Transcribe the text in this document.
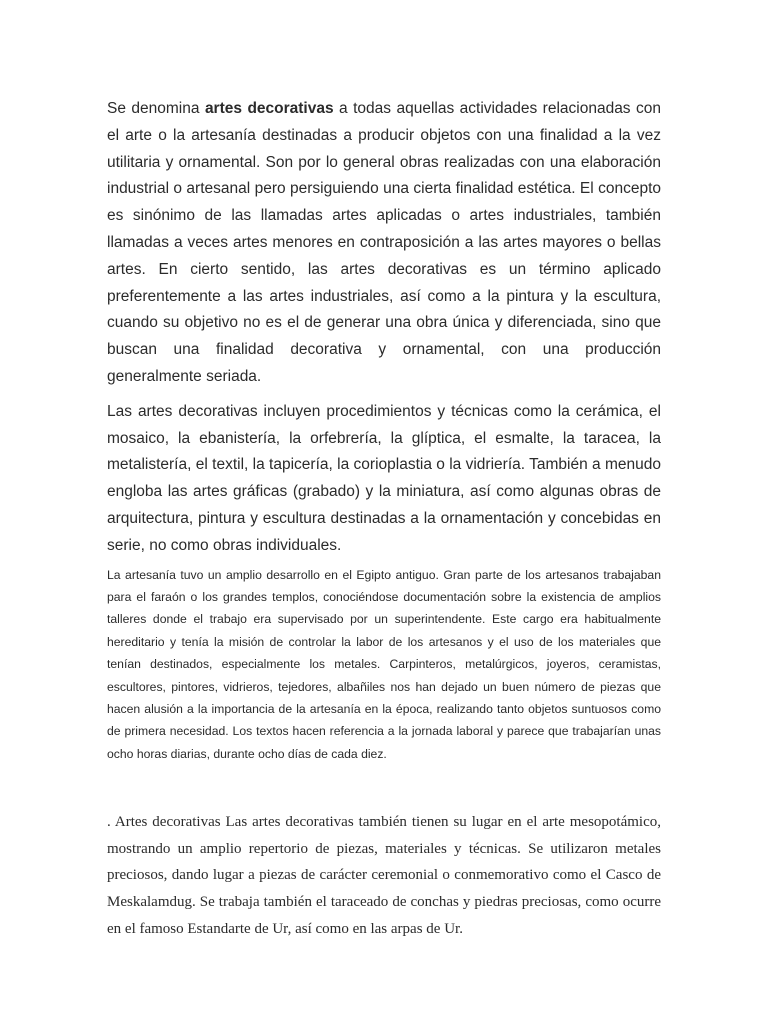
Se denomina artes decorativas a todas aquellas actividades relacionadas con el arte o la artesanía destinadas a producir objetos con una finalidad a la vez utilitaria y ornamental. Son por lo general obras realizadas con una elaboración industrial o artesanal pero persiguiendo una cierta finalidad estética. El concepto es sinónimo de las llamadas artes aplicadas o artes industriales, también llamadas a veces artes menores en contraposición a las artes mayores o bellas artes. En cierto sentido, las artes decorativas es un término aplicado preferentemente a las artes industriales, así como a la pintura y la escultura, cuando su objetivo no es el de generar una obra única y diferenciada, sino que buscan una finalidad decorativa y ornamental, con una producción generalmente seriada.

Las artes decorativas incluyen procedimientos y técnicas como la cerámica, el mosaico, la ebanistería, la orfebrería, la glíptica, el esmalte, la taracea, la metalistería, el textil, la tapicería, la corioplastia o la vidriería. También a menudo engloba las artes gráficas (grabado) y la miniatura, así como algunas obras de arquitectura, pintura y escultura destinadas a la ornamentación y concebidas en serie, no como obras individuales.

La artesanía tuvo un amplio desarrollo en el Egipto antiguo. Gran parte de los artesanos trabajaban para el faraón o los grandes templos, conociéndose documentación sobre la existencia de amplios talleres donde el trabajo era supervisado por un superintendente. Este cargo era habitualmente hereditario y tenía la misión de controlar la labor de los artesanos y el uso de los materiales que tenían destinados, especialmente los metales. Carpinteros, metalúrgicos, joyeros, ceramistas, escultores, pintores, vidrieros, tejedores, albañiles nos han dejado un buen número de piezas que hacen alusión a la importancia de la artesanía en la época, realizando tanto objetos suntuosos como de primera necesidad. Los textos hacen referencia a la jornada laboral y parece que trabajarían unas ocho horas diarias, durante ocho días de cada diez.

. Artes decorativas Las artes decorativas también tienen su lugar en el arte mesopotámico, mostrando un amplio repertorio de piezas, materiales y técnicas. Se utilizaron metales preciosos, dando lugar a piezas de carácter ceremonial o conmemorativo como el Casco de Meskalamdug. Se trabaja también el taraceado de conchas y piedras preciosas, como ocurre en el famoso Estandarte de Ur, así como en las arpas de Ur.
